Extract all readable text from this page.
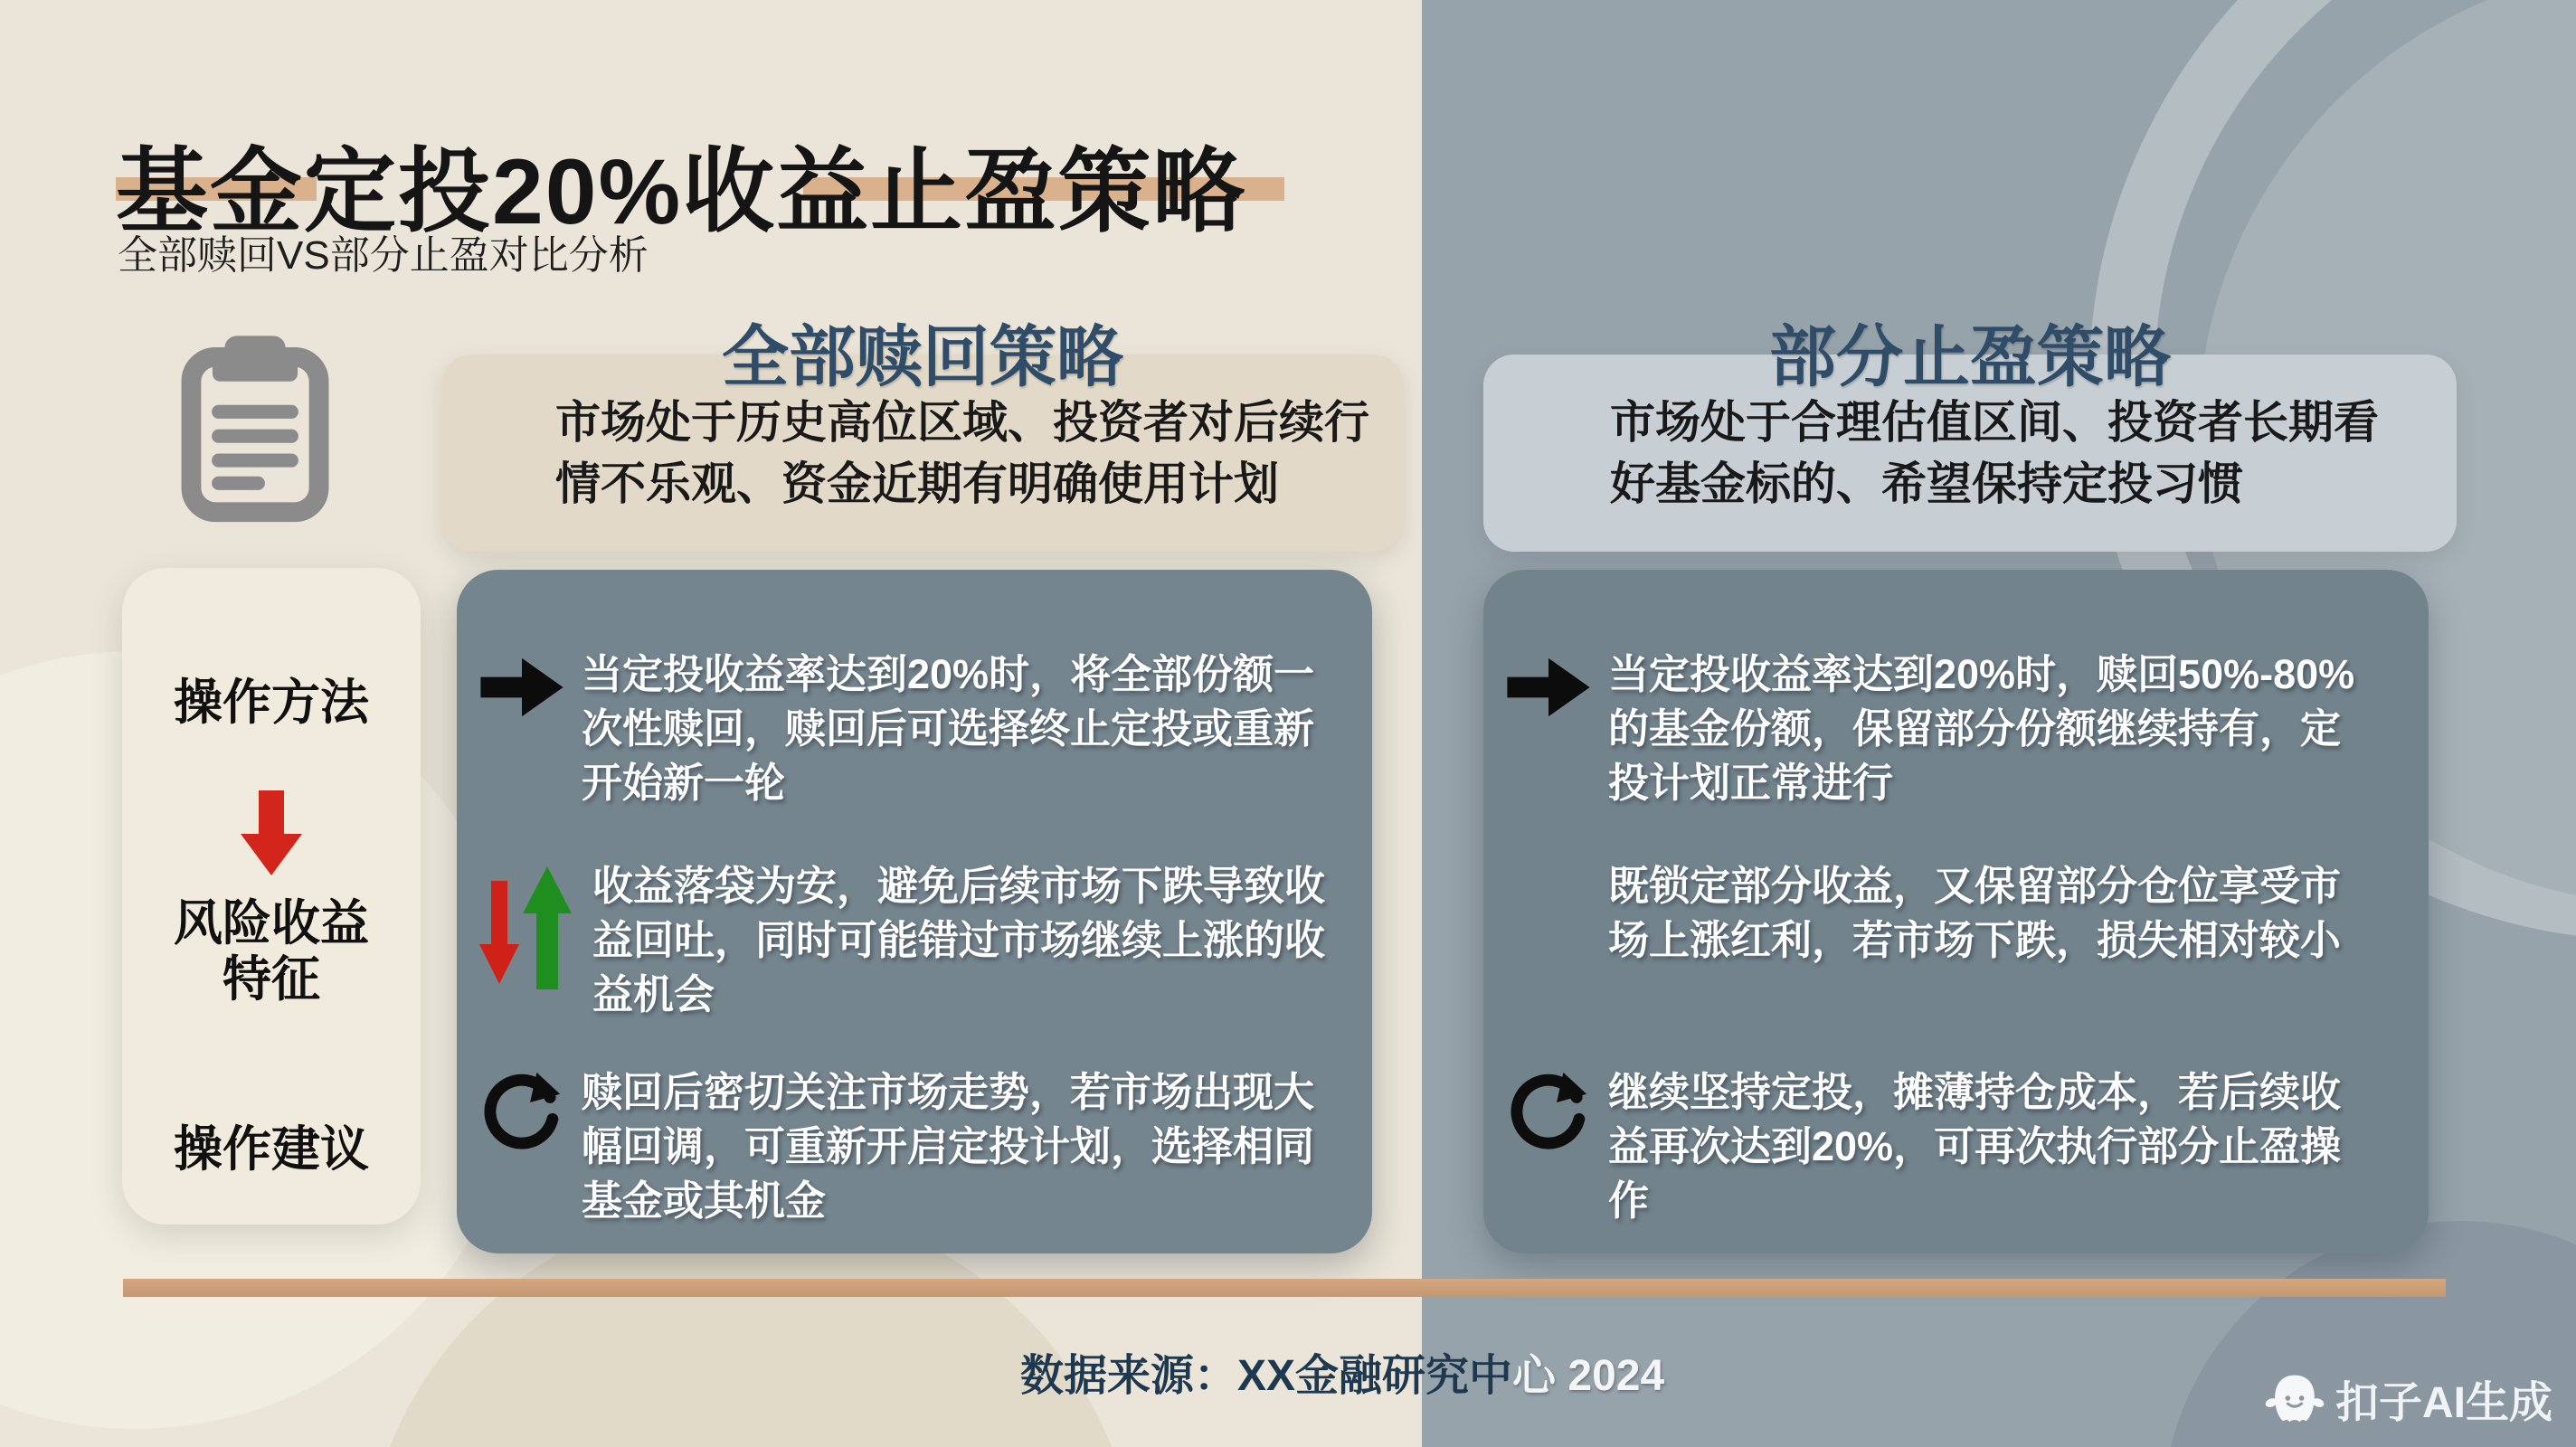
基金定投20%收益止盈策略
全部赎回VS部分止盈对比分析
操作方法
风险收益特征
操作建议
全部赎回策略
市场处于历史高位区域、投资者对后续行情不乐观、资金近期有明确使用计划

当定投收益率达到20%时，将全部份额一次性赎回，赎回后可选择终止定投或重新开始新一轮

收益落袋为安，避免后续市场下跌导致收益回吐，同时可能错过市场继续上涨的收益机会

赎回后密切关注市场走势，若市场出现大幅回调，可重新开启定投计划，选择相同基金或其机金

部分止盈策略
市场处于合理估值区间、投资者长期看好基金标的、希望保持定投习惯

当定投收益率达到20%时，赎回50%-80%的基金份额，保留部分份额继续持有，定投计划正常进行

既锁定部分收益，又保留部分仓位享受市场上涨红利，若市场下跌，损失相对较小

继续坚持定投，摊薄持仓成本，若后续收益再次达到20%，可再次执行部分止盈操作

数据来源：XX金融研究中心 2024
扣子AI生成
